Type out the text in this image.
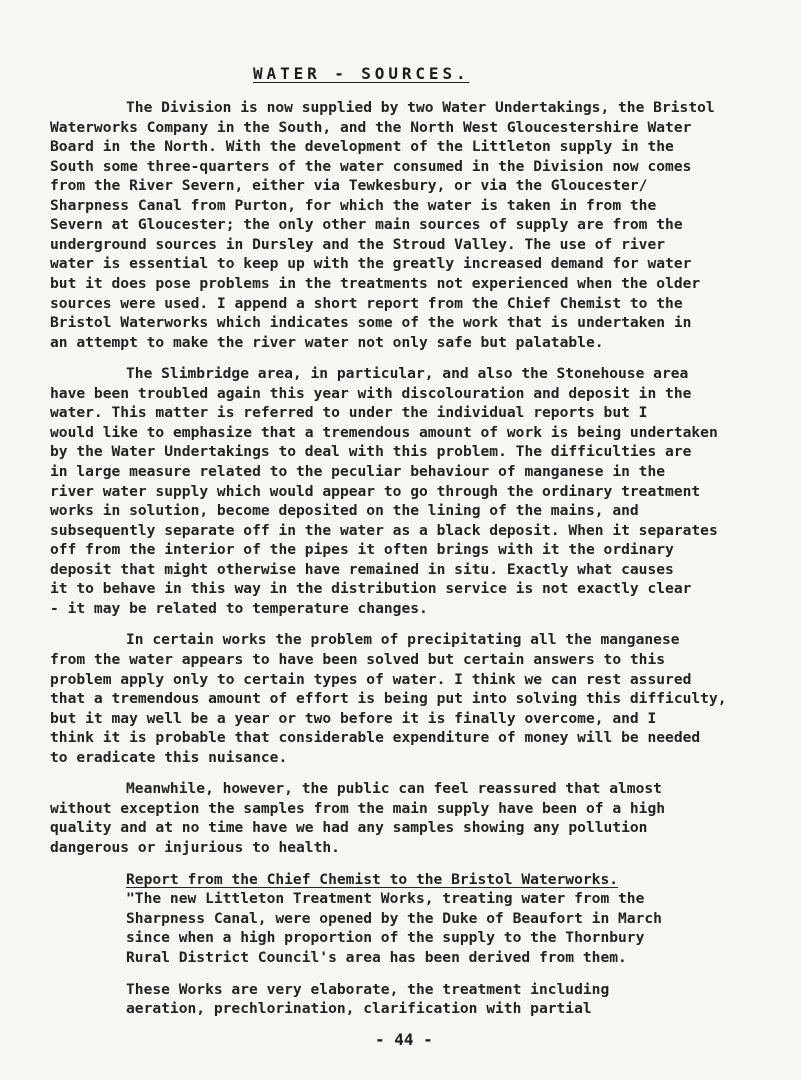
WATER - SOURCES.

The Division is now supplied by two Water Undertakings, the Bristol

Waterworks Company in the South, and the North West Gloucestershire Water

Board in the North. With the development of the Littleton supply in the

South some three-quarters of the water consumed in the Division now comes

from the River Severn, either via Tewkesbury, or via the Gloucester/

Sharpness Canal from Purton, for which the water is taken in from the

Severn at Gloucester; the only other main sources of supply are from the

underground sources in Dursley and the Stroud Valley. The use of river

water is essential to keep up with the greatly increased demand for water

but it does pose problems in the treatments not experienced when the older

sources were used. I append a short report from the Chief Chemist to the

Bristol Waterworks which indicates some of the work that is undertaken in

an attempt to make the river water not only safe but palatable.

The Slimbridge area, in particular, and also the Stonehouse area

have been troubled again this year with discolouration and deposit in the

water. This matter is referred to under the individual reports but I

would like to emphasize that a tremendous amount of work is being undertaken

by the Water Undertakings to deal with this problem. The difficulties are

in large measure related to the peculiar behaviour of manganese in the

river water supply which would appear to go through the ordinary treatment

works in solution, become deposited on the lining of the mains, and

subsequently separate off in the water as a black deposit. When it separates

off from the interior of the pipes it often brings with it the ordinary

deposit that might otherwise have remained in situ. Exactly what causes

it to behave in this way in the distribution service is not exactly clear

- it may be related to temperature changes.

In certain works the problem of precipitating all the manganese

from the water appears to have been solved but certain answers to this

problem apply only to certain types of water. I think we can rest assured

that a tremendous amount of effort is being put into solving this difficulty,

but it may well be a year or two before it is finally overcome, and I

think it is probable that considerable expenditure of money will be needed

to eradicate this nuisance.

Meanwhile, however, the public can feel reassured that almost

without exception the samples from the main supply have been of a high

quality and at no time have we had any samples showing any pollution

dangerous or injurious to health.

Report from the Chief Chemist to the Bristol Waterworks.

"The new Littleton Treatment Works, treating water from the

Sharpness Canal, were opened by the Duke of Beaufort in March

since when a high proportion of the supply to the Thornbury

Rural District Council's area has been derived from them.

These Works are very elaborate, the treatment including

aeration, prechlorination, clarification with partial

- 44 -
